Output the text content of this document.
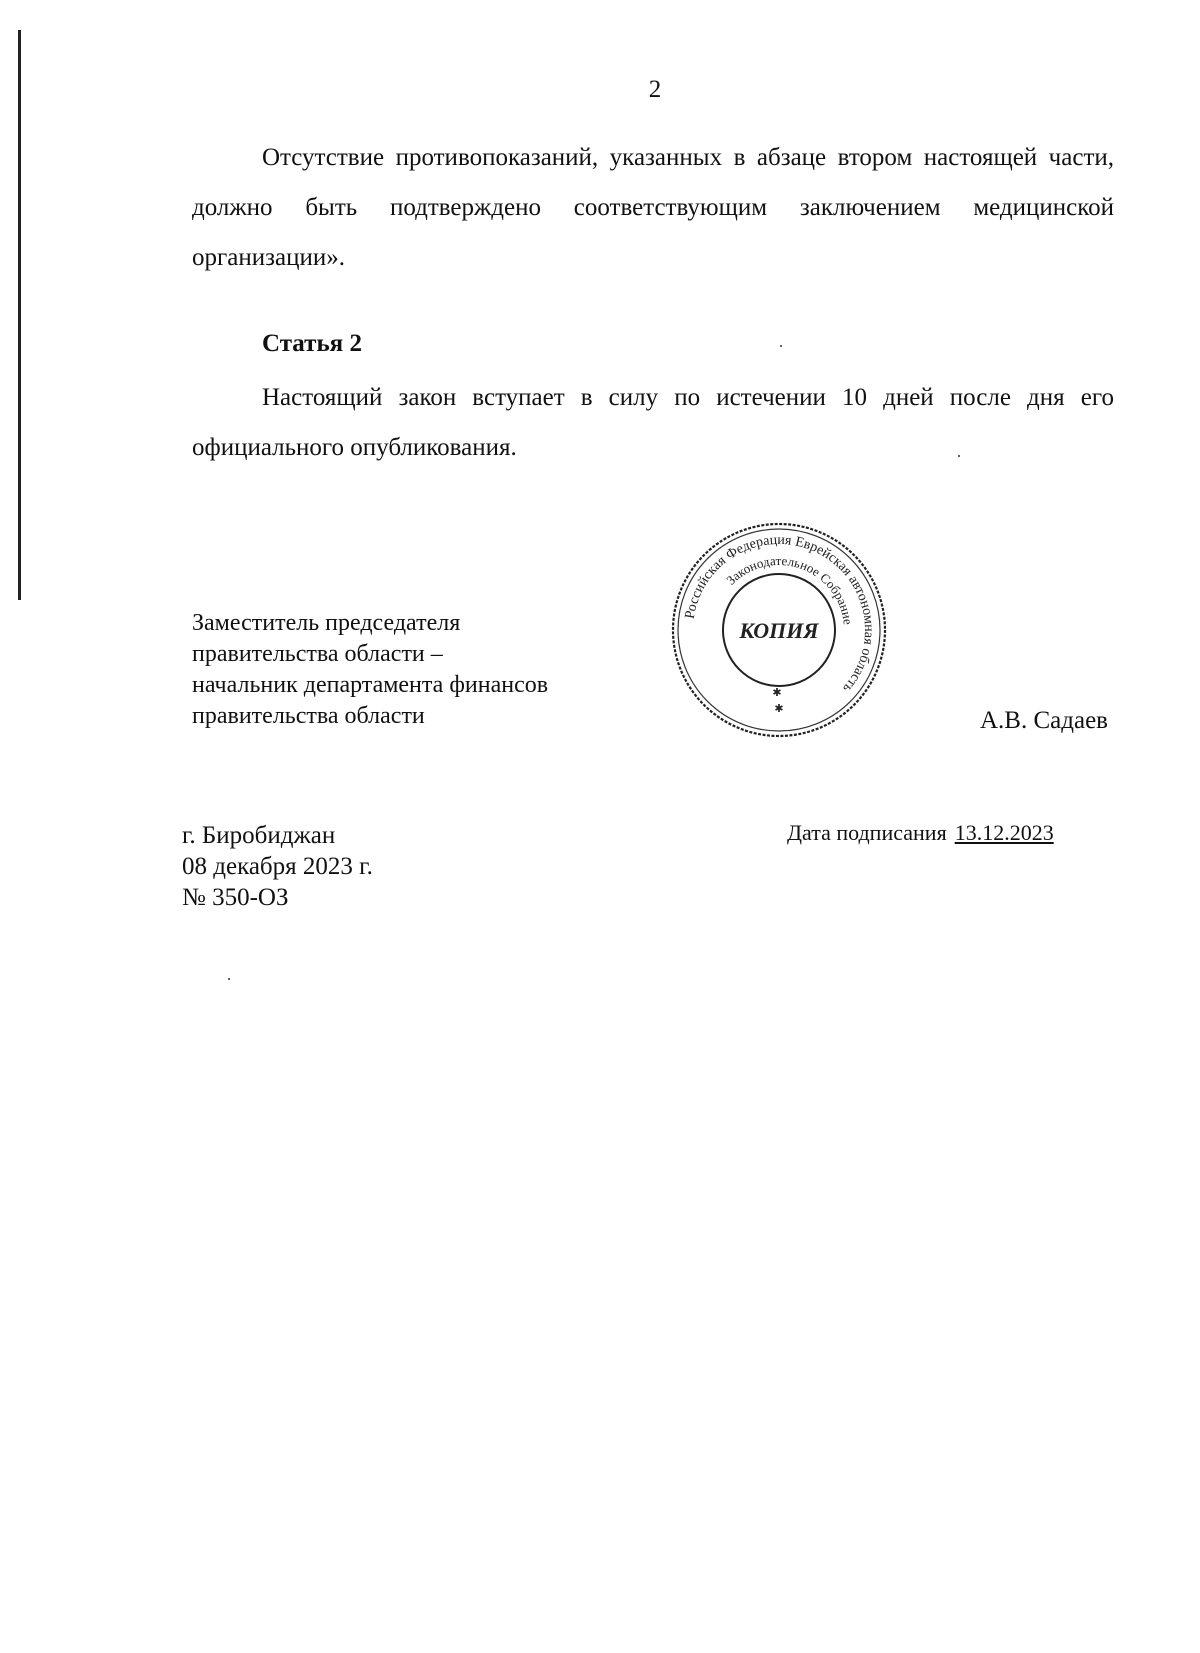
2

Отсутствие противопоказаний, указанных в абзаце втором настоящей части, должно быть подтверждено соответствующим заключением медицинской организации».

Статья 2

Настоящий закон вступает в силу по истечении 10 дней после дня его официального опубликования.

Заместитель председателя
правительства области –
начальник департамента финансов
правительства области
Российская Федерация Еврейская автономная область
Законодательное Собрание
КОПИЯ
✱
✱	А.В. Садаев
г. Биробиджан
08 декабря 2023 г.
№ 350-ОЗ
Дата подписания 13.12.2023
